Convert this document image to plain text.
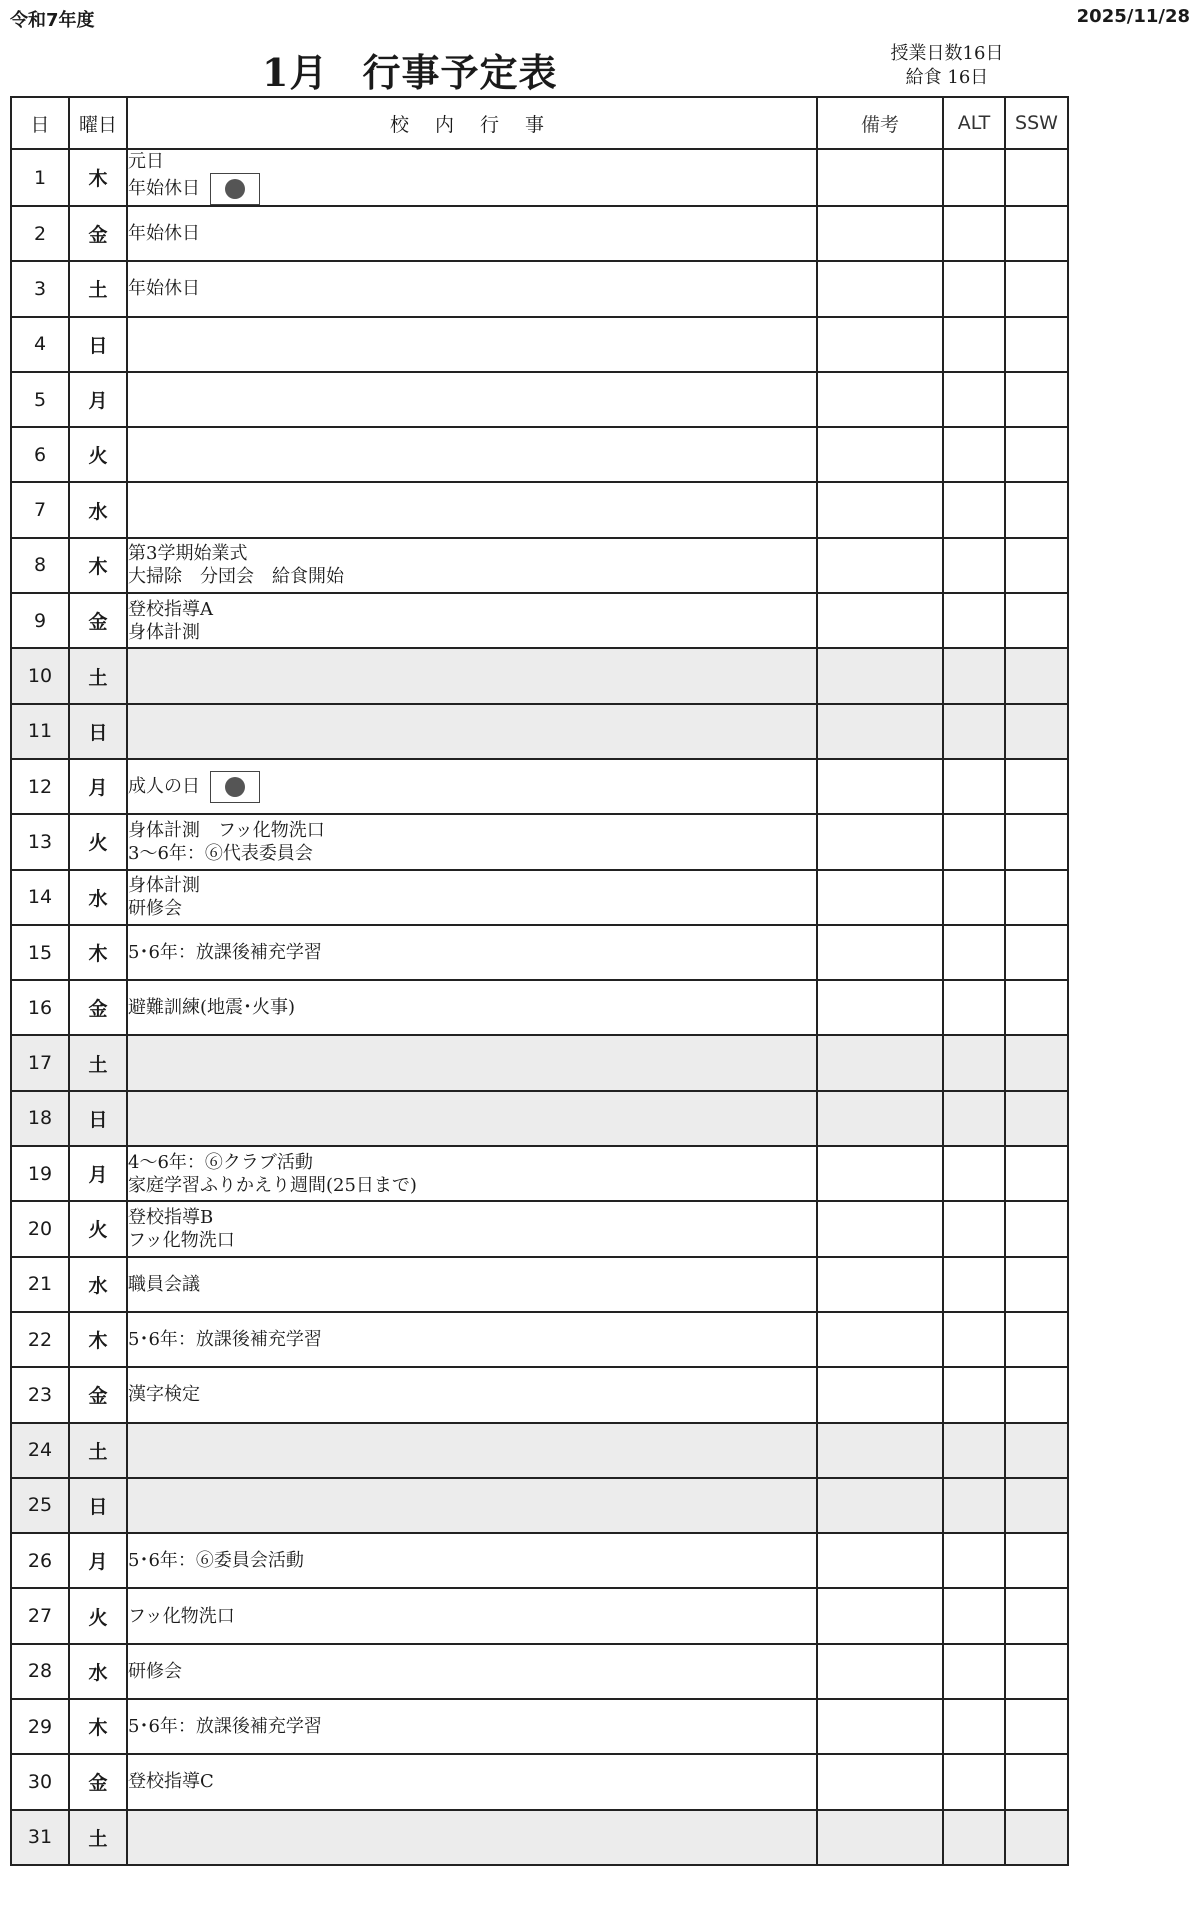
令和7年度	2025/11/28
1月 行事予定表	授業日数16日
給食 16日
日	曜日	校 内 行 事	備考	ALT	SSW
1	木	元日
年始休日			

2	金	年始休日			

3	土	年始休日			

4	日				
5	月				
6	火				
7	水				
8	木	第3学期始業式
大掃除　分団会　給食開始			

9	金	登校指導A
身体計測			

10	土				
11	日				
12	月	成人の日			

13	火	身体計測　フッ化物洗口
3～6年：⑥代表委員会			

14	水	身体計測
研修会			

15	木	5･6年：放課後補充学習			

16	金	避難訓練(地震･火事)			

17	土				
18	日				
19	月	4～6年：⑥クラブ活動
家庭学習ふりかえり週間(25日まで)			

20	火	登校指導B
フッ化物洗口			

21	水	職員会議			

22	木	5･6年：放課後補充学習			

23	金	漢字検定			

24	土				
25	日				
26	月	5･6年：⑥委員会活動			

27	火	フッ化物洗口			

28	水	研修会			

29	木	5･6年：放課後補充学習			

30	金	登校指導C			

31	土				
